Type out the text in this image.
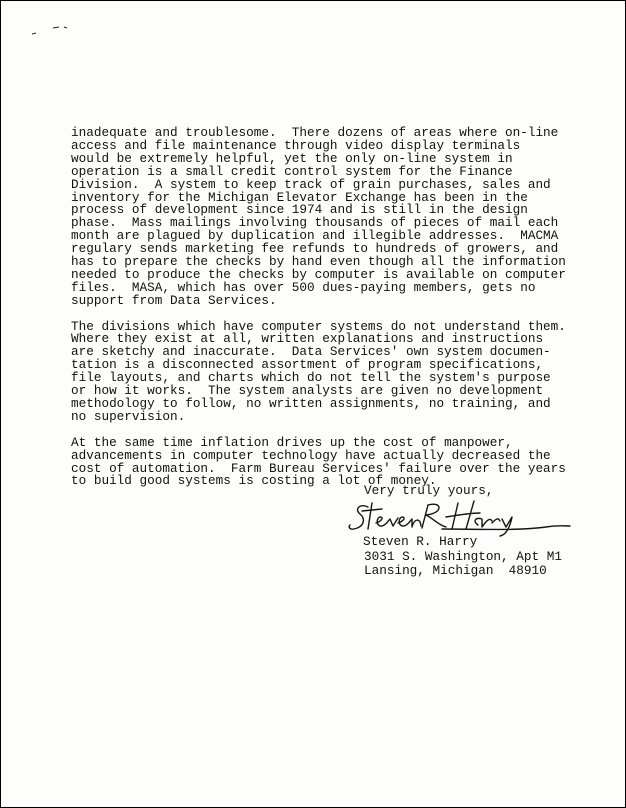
inadequate and troublesome.  There dozens of areas where on-line
access and file maintenance through video display terminals
would be extremely helpful, yet the only on-line system in
operation is a small credit control system for the Finance
Division.  A system to keep track of grain purchases, sales and
inventory for the Michigan Elevator Exchange has been in the
process of development since 1974 and is still in the design
phase.  Mass mailings involving thousands of pieces of mail each
month are plagued by duplication and illegible addresses.  MACMA
regulary sends marketing fee refunds to hundreds of growers, and
has to prepare the checks by hand even though all the information
needed to produce the checks by computer is available on computer
files.  MASA, which has over 500 dues-paying members, gets no
support from Data Services.
The divisions which have computer systems do not understand them.
Where they exist at all, written explanations and instructions
are sketchy and inaccurate.  Data Services' own system documen-
tation is a disconnected assortment of program specifications,
file layouts, and charts which do not tell the system's purpose
or how it works.  The system analysts are given no development
methodology to follow, no written assignments, no training, and
no supervision.
At the same time inflation drives up the cost of manpower,
advancements in computer technology have actually decreased the
cost of automation.  Farm Bureau Services' failure over the years
to build good systems is costing a lot of money.
Very truly yours,
Steven R. Harry
3031 S. Washington, Apt M1
Lansing, Michigan  48910
